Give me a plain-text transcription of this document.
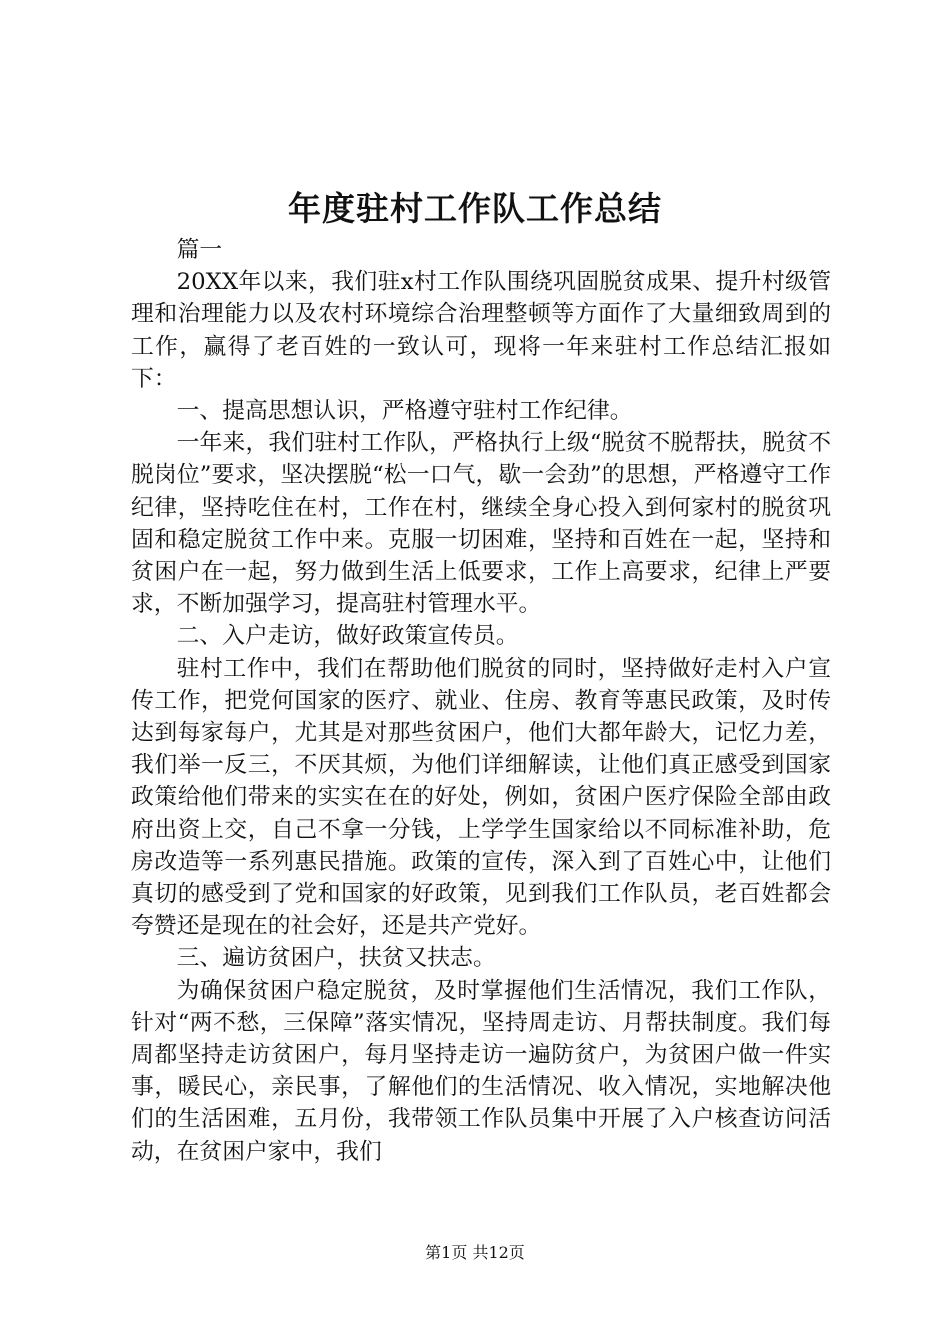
年度驻村工作队工作总结

篇一

20XX年以来，我们驻x村工作队围绕巩固脱贫成果、提升村级管理和治理能力以及农村环境综合治理整顿等方面作了大量细致周到的工作，赢得了老百姓的一致认可，现将一年来驻村工作总结汇报如下：

一、提高思想认识，严格遵守驻村工作纪律。

一年来，我们驻村工作队，严格执行上级“脱贫不脱帮扶，脱贫不脱岗位”要求，坚决摆脱“松一口气，歇一会劲”的思想，严格遵守工作纪律，坚持吃住在村，工作在村，继续全身心投入到何家村的脱贫巩固和稳定脱贫工作中来。克服一切困难，坚持和百姓在一起，坚持和贫困户在一起，努力做到生活上低要求，工作上高要求，纪律上严要求，不断加强学习，提高驻村管理水平。

二、入户走访，做好政策宣传员。

驻村工作中，我们在帮助他们脱贫的同时，坚持做好走村入户宣传工作，把党何国家的医疗、就业、住房、教育等惠民政策，及时传达到每家每户，尤其是对那些贫困户，他们大都年龄大，记忆力差，我们举一反三，不厌其烦，为他们详细解读，让他们真正感受到国家政策给他们带来的实实在在的好处，例如，贫困户医疗保险全部由政府出资上交，自己不拿一分钱，上学学生国家给以不同标准补助，危房改造等一系列惠民措施。政策的宣传，深入到了百姓心中，让他们真切的感受到了党和国家的好政策，见到我们工作队员，老百姓都会夸赞还是现在的社会好，还是共产党好。

三、遍访贫困户，扶贫又扶志。

为确保贫困户稳定脱贫，及时掌握他们生活情况，我们工作队，针对“两不愁，三保障”落实情况，坚持周走访、月帮扶制度。我们每周都坚持走访贫困户，每月坚持走访一遍防贫户，为贫困户做一件实事，暖民心，亲民事，了解他们的生活情况、收入情况，实地解决他们的生活困难，五月份，我带领工作队员集中开展了入户核查访问活动，在贫困户家中，我们

第1页 共12页
